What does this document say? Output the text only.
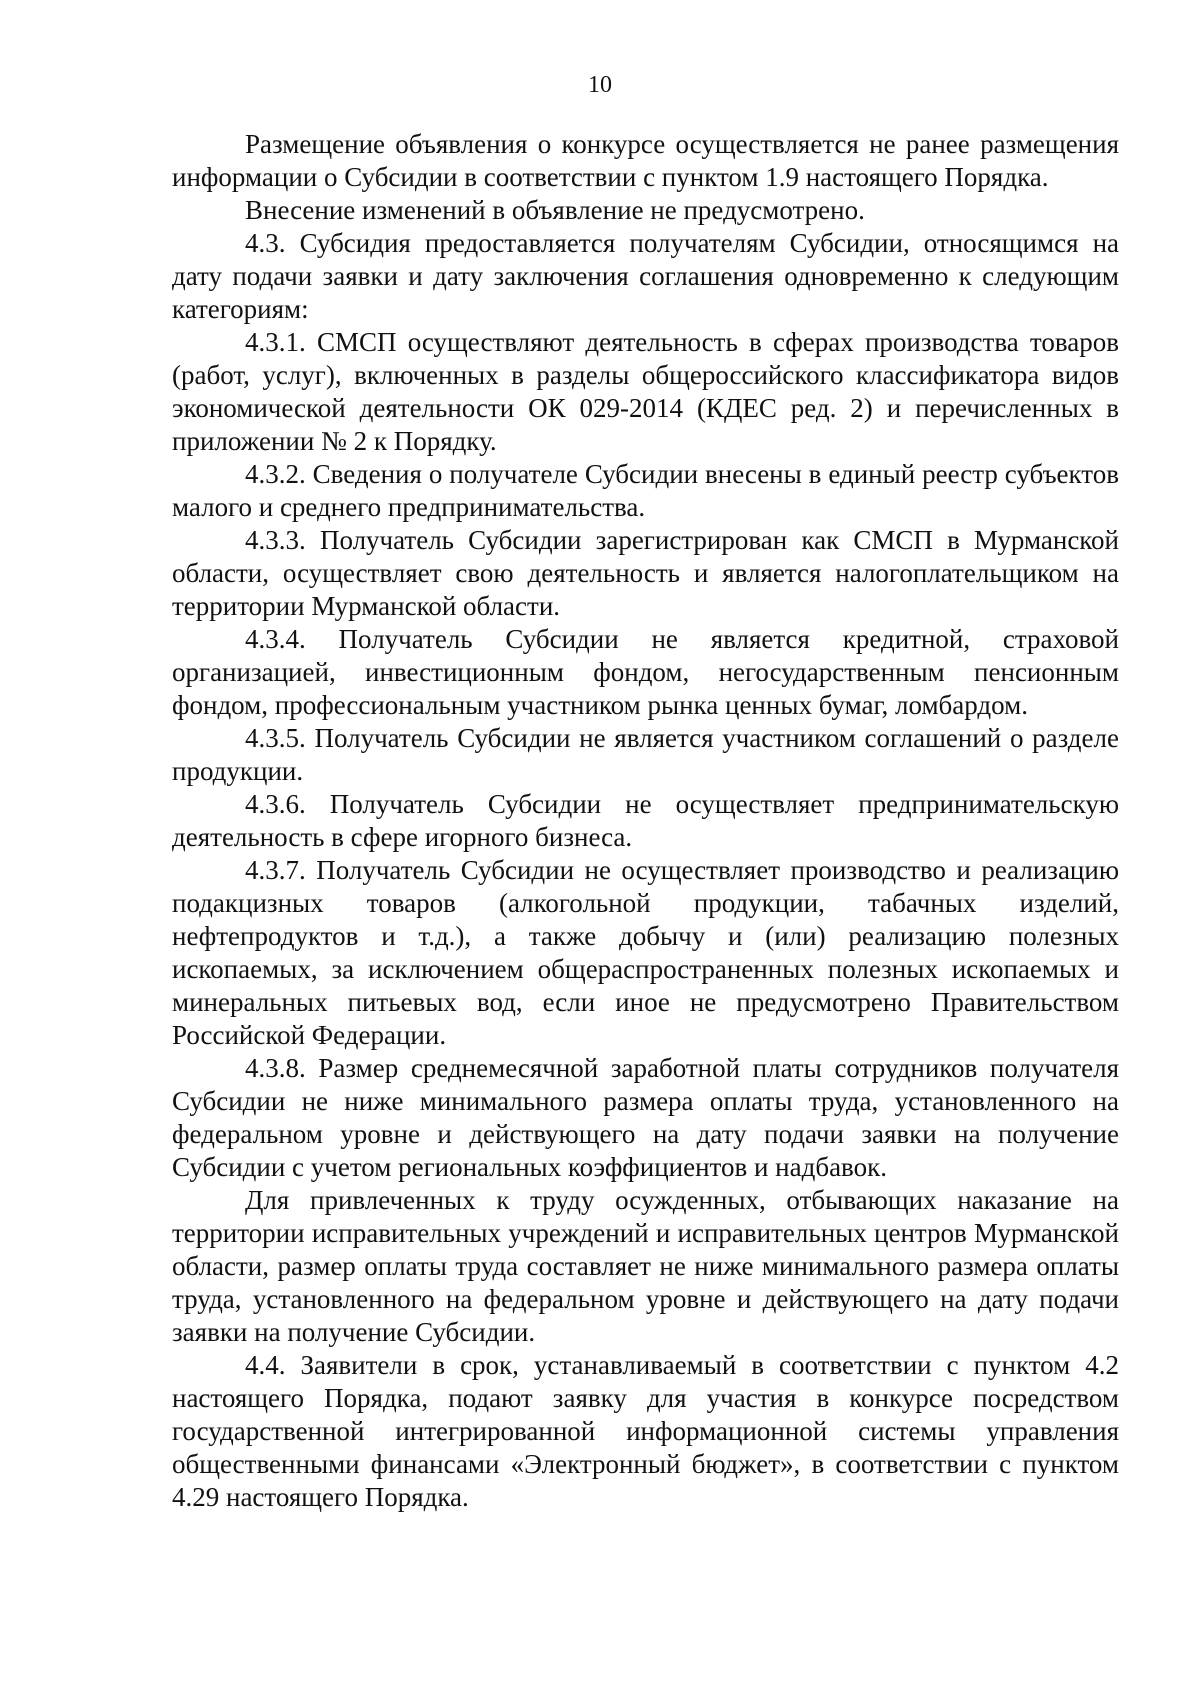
10

Размещение объявления о конкурсе осуществляется не ранее размещения информации о Субсидии в соответствии с пунктом 1.9 настоящего Порядка.

Внесение изменений в объявление не предусмотрено.

4.3. Субсидия предоставляется получателям Субсидии, относящимся на дату подачи заявки и дату заключения соглашения одновременно к следующим категориям:

4.3.1. СМСП осуществляют деятельность в сферах производства товаров (работ, услуг), включенных в разделы общероссийского классификатора видов экономической деятельности ОК 029-2014 (КДЕС ред. 2) и перечисленных в приложении № 2 к Порядку.

4.3.2. Сведения о получателе Субсидии внесены в единый реестр субъектов малого и среднего предпринимательства.

4.3.3. Получатель Субсидии зарегистрирован как СМСП в Мурманской области, осуществляет свою деятельность и является налогоплательщиком на территории Мурманской области.

4.3.4. Получатель Субсидии не является кредитной, страховой организацией, инвестиционным фондом, негосударственным пенсионным фондом, профессиональным участником рынка ценных бумаг, ломбардом.

4.3.5. Получатель Субсидии не является участником соглашений о разделе продукции.

4.3.6. Получатель Субсидии не осуществляет предпринимательскую деятельность в сфере игорного бизнеса.

4.3.7. Получатель Субсидии не осуществляет производство и реализацию подакцизных товаров (алкогольной продукции, табачных изделий, нефтепродуктов и т.д.), а также добычу и (или) реализацию полезных ископаемых, за исключением общераспространенных полезных ископаемых и минеральных питьевых вод, если иное не предусмотрено Правительством Российской Федерации.

4.3.8. Размер среднемесячной заработной платы сотрудников получателя Субсидии не ниже минимального размера оплаты труда, установленного на федеральном уровне и действующего на дату подачи заявки на получение Субсидии с учетом региональных коэффициентов и надбавок.

Для привлеченных к труду осужденных, отбывающих наказание на территории исправительных учреждений и исправительных центров Мурманской области, размер оплаты труда составляет не ниже минимального размера оплаты труда, установленного на федеральном уровне и действующего на дату подачи заявки на получение Субсидии.

4.4. Заявители в срок, устанавливаемый в соответствии с пунктом 4.2 настоящего Порядка, подают заявку для участия в конкурсе посредством государственной интегрированной информационной системы управления общественными финансами «Электронный бюджет», в соответствии с пунктом 4.29 настоящего Порядка.
